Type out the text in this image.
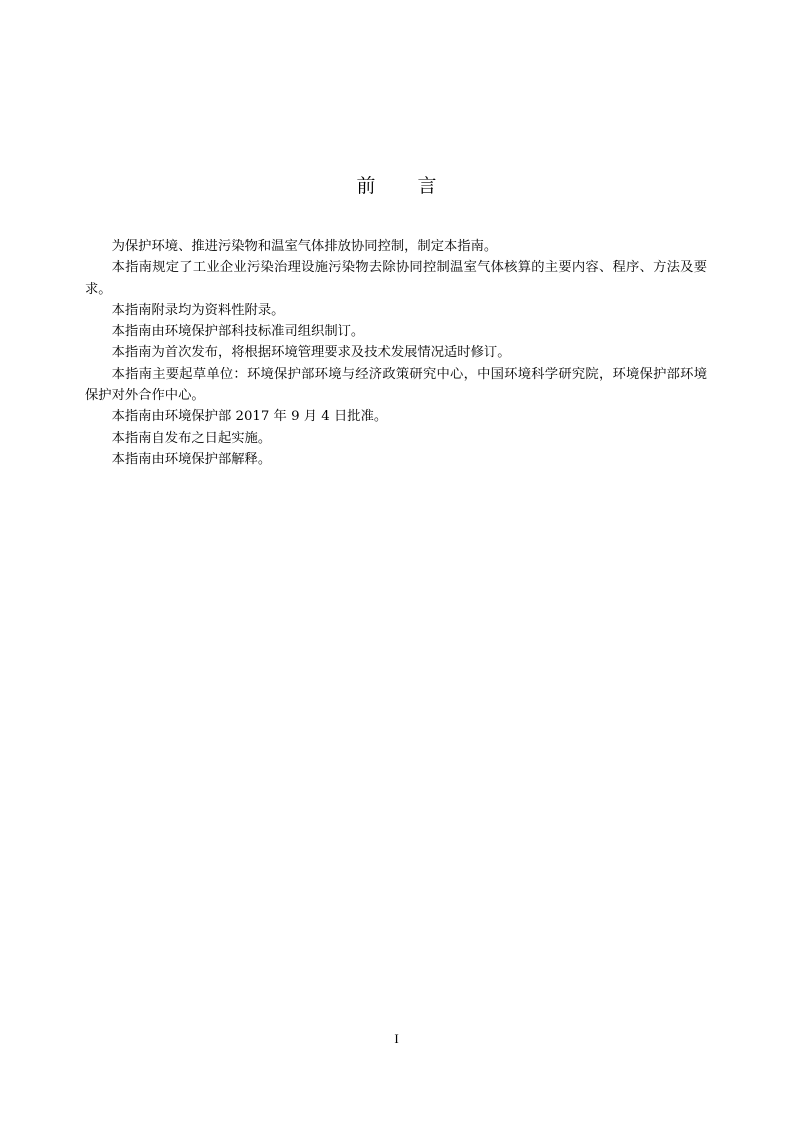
前 言

为保护环境、推进污染物和温室气体排放协同控制，制定本指南。

本指南规定了工业企业污染治理设施污染物去除协同控制温室气体核算的主要内容、程序、方法及要求。

本指南附录均为资料性附录。

本指南由环境保护部科技标准司组织制订。

本指南为首次发布，将根据环境管理要求及技术发展情况适时修订。

本指南主要起草单位：环境保护部环境与经济政策研究中心，中国环境科学研究院，环境保护部环境保护对外合作中心。

本指南由环境保护部 2017 年 9 月 4 日批准。

本指南自发布之日起实施。

本指南由环境保护部解释。

I
